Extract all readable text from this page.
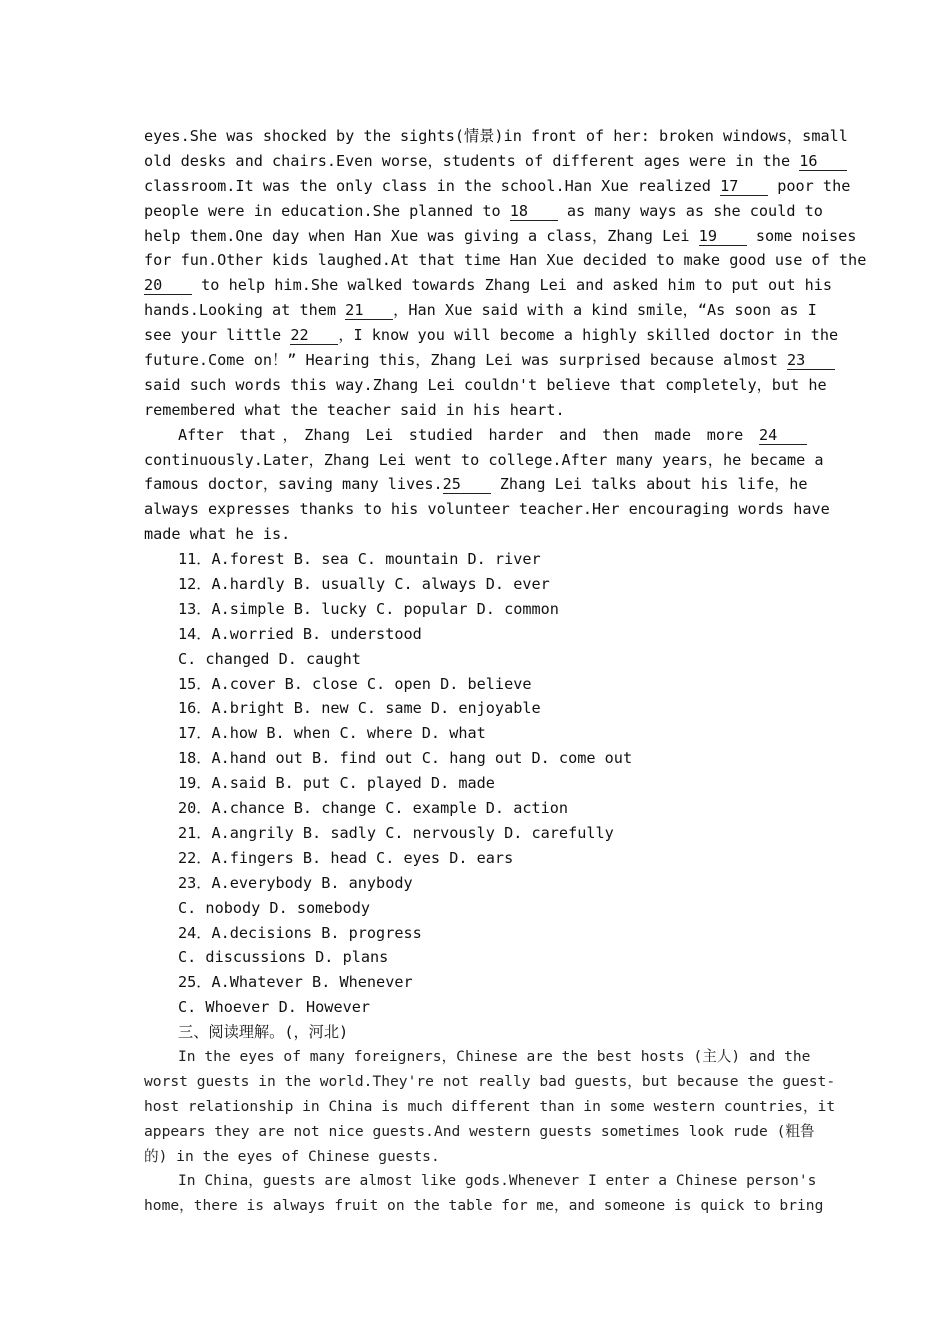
eyes.She was shocked by the sights(情景)in front of her: broken windows，small
old desks and chairs.Even worse，students of different ages were in the 16
classroom.It was the only class in the school.Han Xue realized 17 poor the
people were in education.She planned to 18 as many ways as she could to
help them.One day when Han Xue was giving a class，Zhang Lei 19 some noises
for fun.Other kids laughed.At that time Han Xue decided to make good use of the
20 to help him.She walked towards Zhang Lei and asked him to put out his
hands.Looking at them 21 ，Han Xue said with a kind smile，“As soon as I
see your little 22 ，I know you will become a highly skilled doctor in the
future.Come on！” Hearing this，Zhang Lei was surprised because almost 23
said such words this way.Zhang Lei couldn't believe that completely，but he
remembered what the teacher said in his heart.
After that，Zhang Lei studied harder and then made more 24
continuously.Later，Zhang Lei went to college.After many years，he became a
famous doctor，saving many lives.25 Zhang Lei talks about his life，he
always expresses thanks to his volunteer teacher.Her encouraging words have
made what he is.
11．A.forest B. sea C. mountain D. river
12．A.hardly B. usually C. always D. ever
13．A.simple B. lucky C. popular D. common
14．A.worried B. understood
C. changed D. caught
15．A.cover B. close C. open D. believe
16．A.bright B. new C. same D. enjoyable
17．A.how B. when C. where D. what
18．A.hand out B. find out C. hang out D. come out
19．A.said B. put C. played D. made
20．A.chance B. change C. example D. action
21．A.angrily B. sadly C. nervously D. carefully
22．A.fingers B. head C. eyes D. ears
23．A.everybody B. anybody
C. nobody D. somebody
24．A.decisions B. progress
C. discussions D. plans
25．A.Whatever B. Whenever
C. Whoever D. However
三、阅读理解。(，河北)
In the eyes of many foreigners，Chinese are the best hosts (主人) and the
worst guests in the world.They're not really bad guests，but because the guest-
host relationship in China is much different than in some western countries，it
appears they are not nice guests.And western guests sometimes look rude (粗鲁
的) in the eyes of Chinese guests.
In China，guests are almost like gods.Whenever I enter a Chinese person's
home，there is always fruit on the table for me，and someone is quick to bring
